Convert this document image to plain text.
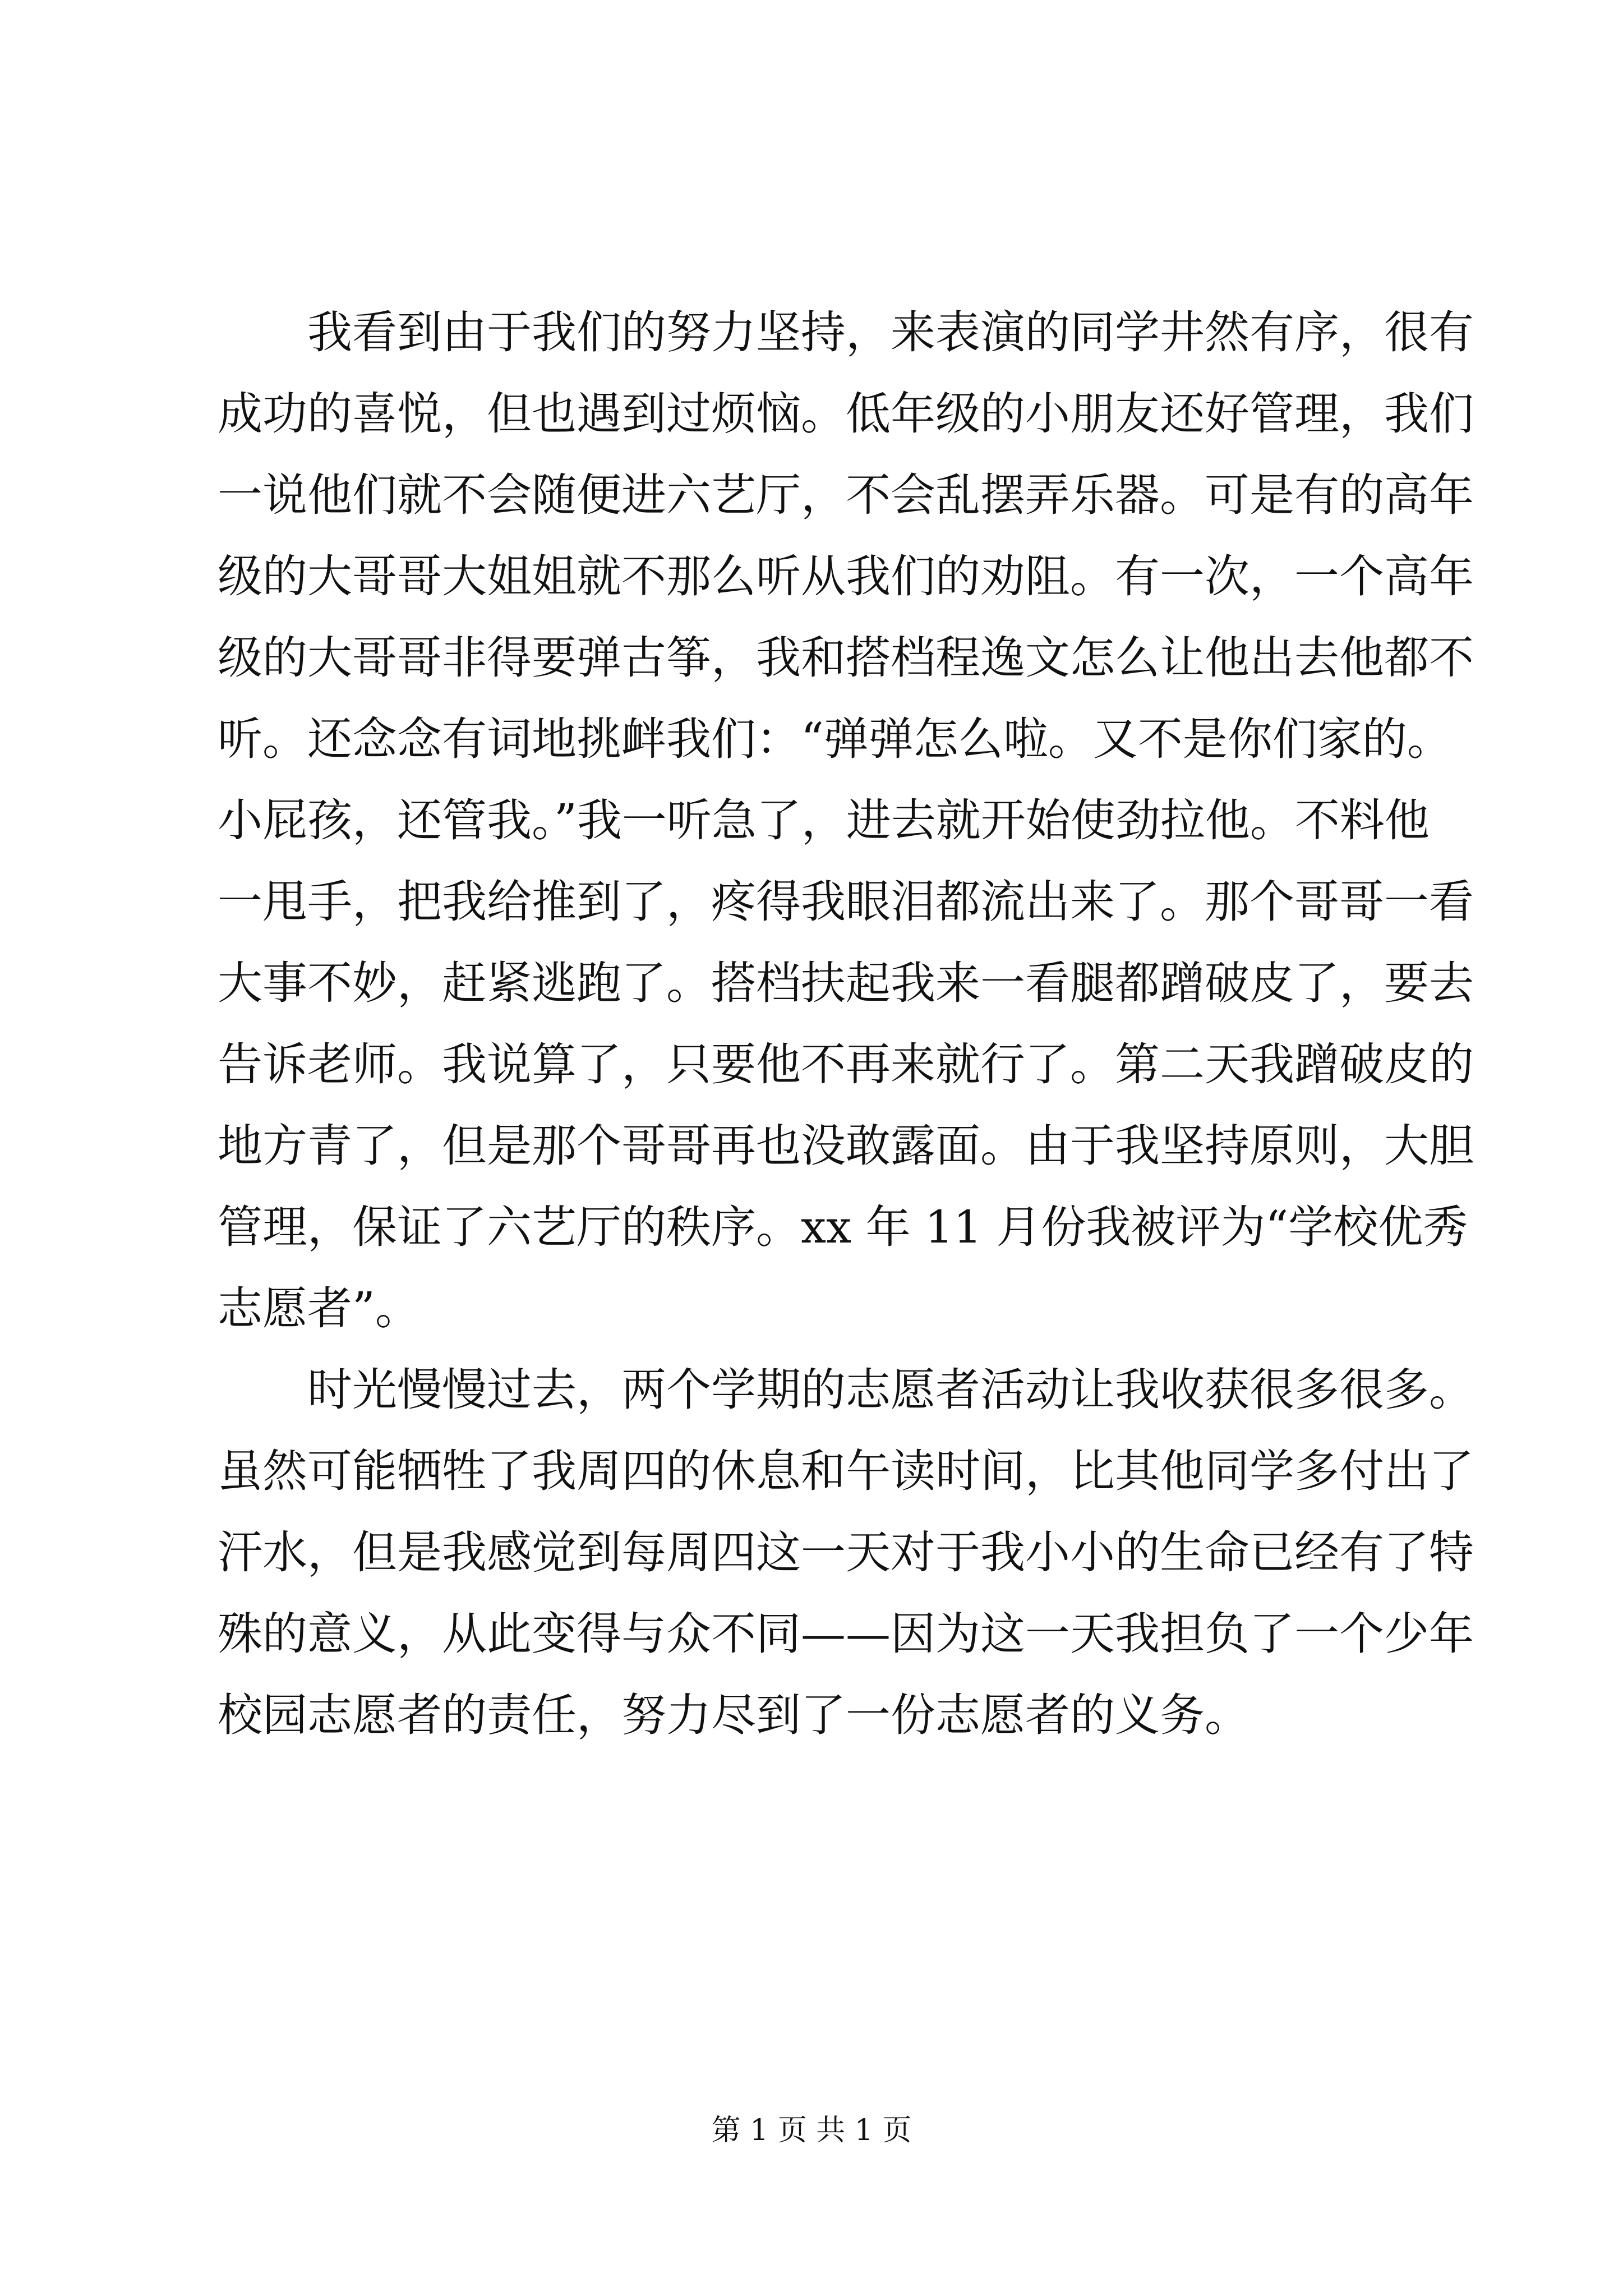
我看到由于我们的努力坚持，来表演的同学井然有序，很有
成功的喜悦，但也遇到过烦恼。低年级的小朋友还好管理，我们
一说他们就不会随便进六艺厅，不会乱摆弄乐器。可是有的高年
级的大哥哥大姐姐就不那么听从我们的劝阻。有一次，一个高年
级的大哥哥非得要弹古筝，我和搭档程逸文怎么让他出去他都不
听。还念念有词地挑衅我们：“弹弹怎么啦。又不是你们家的。
小屁孩，还管我。”我一听急了，进去就开始使劲拉他。不料他
一甩手，把我给推到了，疼得我眼泪都流出来了。那个哥哥一看
大事不妙，赶紧逃跑了。搭档扶起我来一看腿都蹭破皮了，要去
告诉老师。我说算了，只要他不再来就行了。第二天我蹭破皮的
地方青了，但是那个哥哥再也没敢露面。由于我坚持原则，大胆
管理，保证了六艺厅的秩序。xx 年 11 月份我被评为“学校优秀
志愿者”。
时光慢慢过去，两个学期的志愿者活动让我收获很多很多。
虽然可能牺牲了我周四的休息和午读时间，比其他同学多付出了
汗水，但是我感觉到每周四这一天对于我小小的生命已经有了特
殊的意义，从此变得与众不同——因为这一天我担负了一个少年
校园志愿者的责任，努力尽到了一份志愿者的义务。
第 1 页 共 1 页
